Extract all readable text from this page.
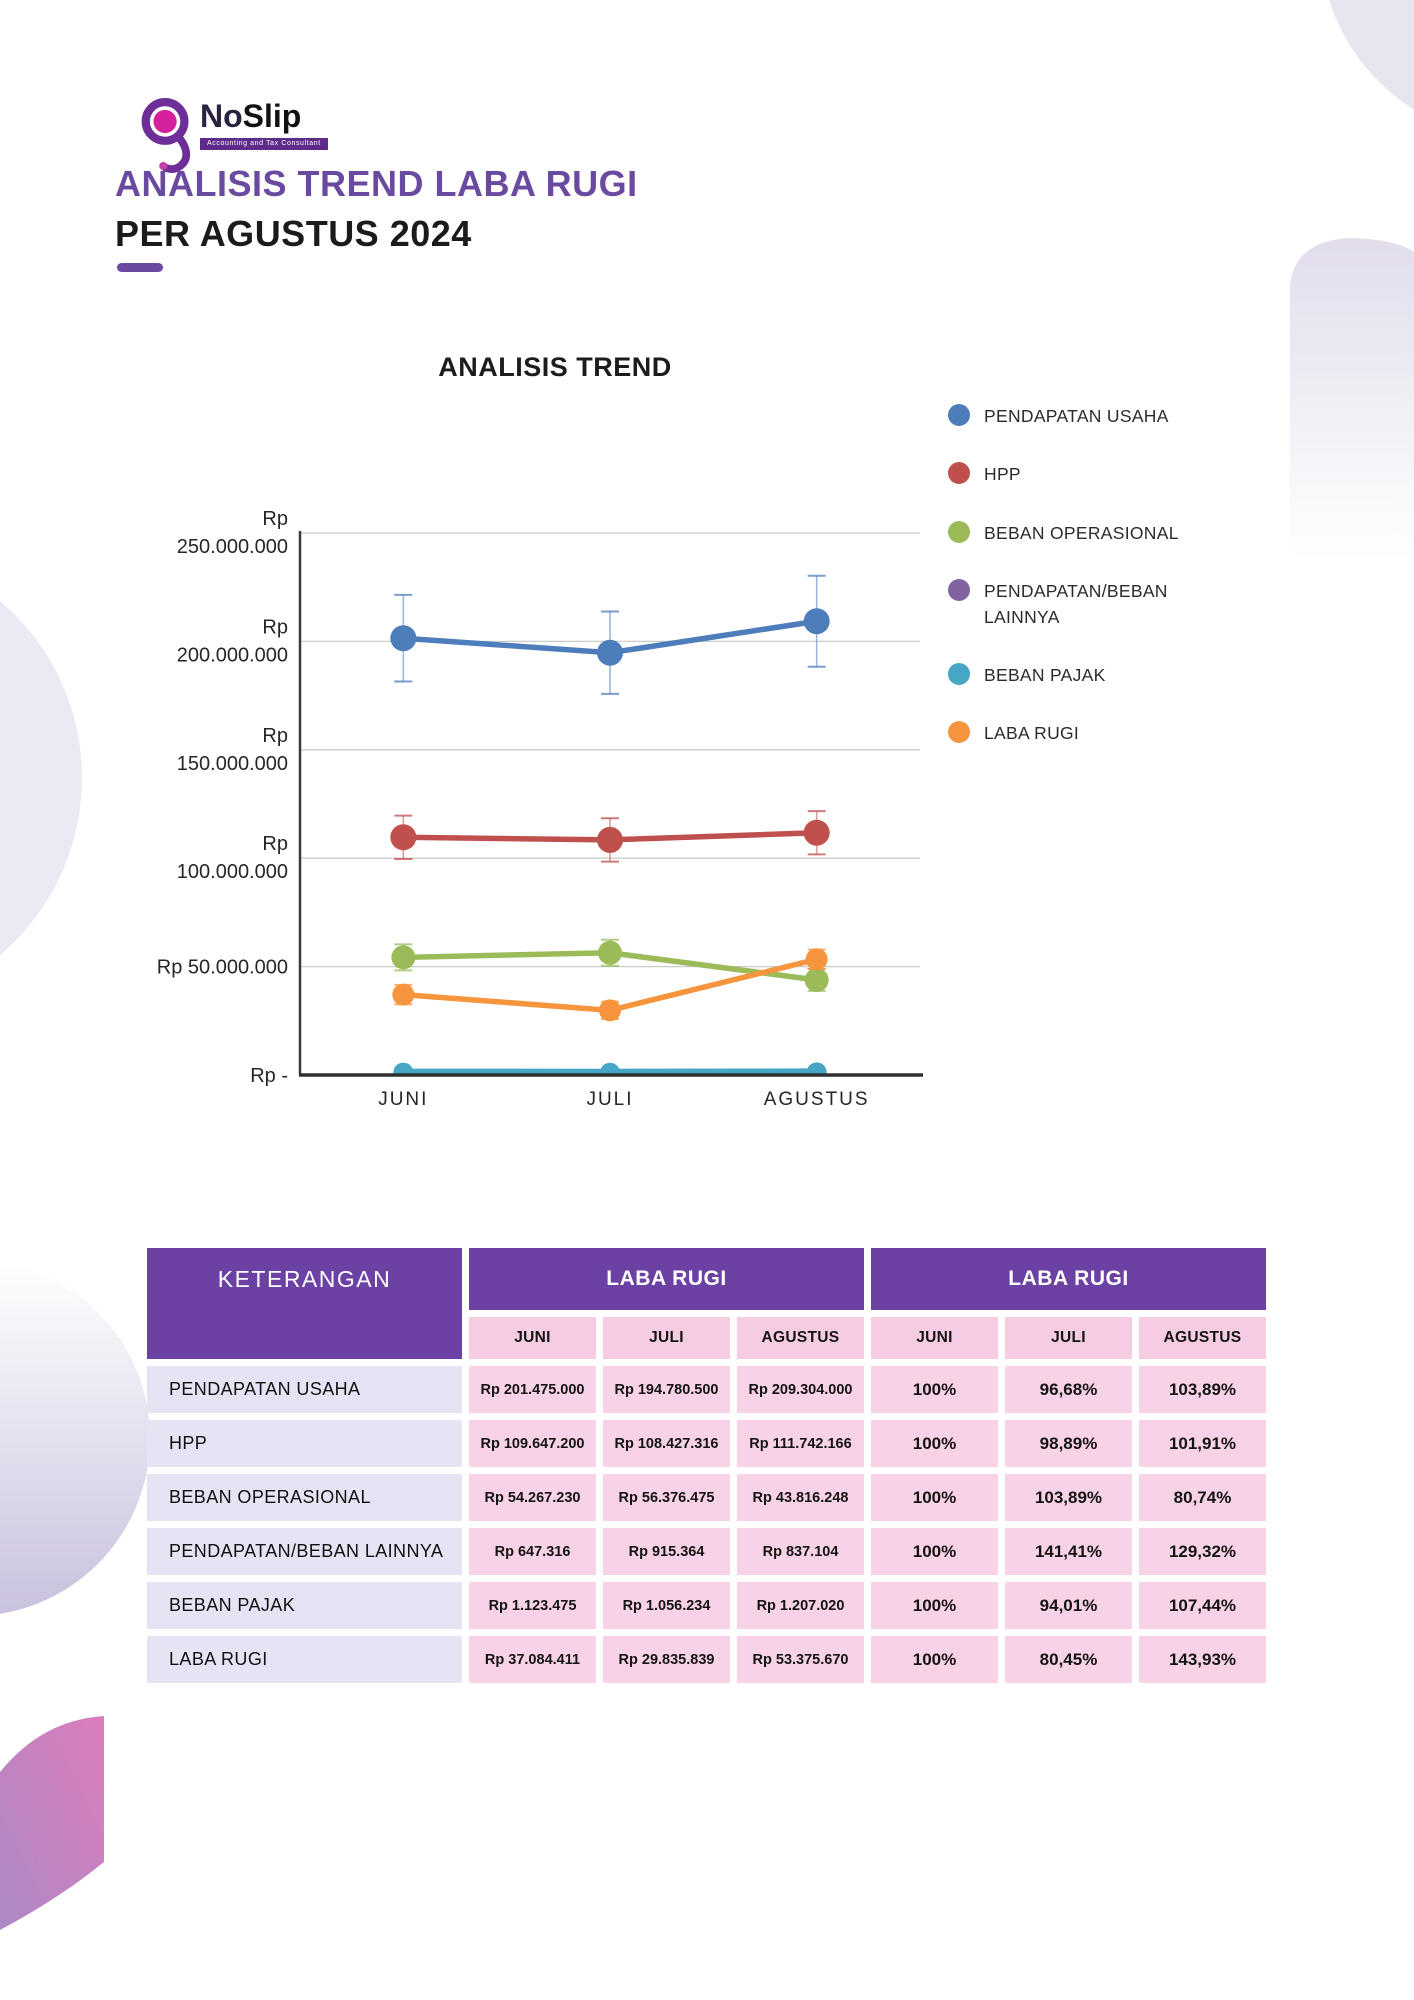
NoSlip
Accounting and Tax Consultant
ANALISIS TREND LABA RUGI
PER AGUSTUS 2024
ANALISIS TREND
Rp 250.000.000
Rp 200.000.000
Rp 150.000.000
Rp 100.000.000
Rp 50.000.000
Rp -
JUNI	JULI	AGUSTUS
PENDAPATAN USAHA
HPP
BEBAN OPERASIONAL
PENDAPATAN/BEBAN LAINNYA
BEBAN PAJAK
LABA RUGI
KETERANGAN	LABA RUGI	LABA RUGI
JUNI	JULI	AGUSTUS	JUNI	JULI	AGUSTUS
PENDAPATAN USAHA	Rp 201.475.000	Rp 194.780.500	Rp 209.304.000	100%	96,68%	103,89%
HPP	Rp 109.647.200	Rp 108.427.316	Rp 111.742.166	100%	98,89%	101,91%
BEBAN OPERASIONAL	Rp 54.267.230	Rp 56.376.475	Rp 43.816.248	100%	103,89%	80,74%
PENDAPATAN/BEBAN LAINNYA	Rp 647.316	Rp 915.364	Rp 837.104	100%	141,41%	129,32%
BEBAN PAJAK	Rp 1.123.475	Rp 1.056.234	Rp 1.207.020	100%	94,01%	107,44%
LABA RUGI	Rp 37.084.411	Rp 29.835.839	Rp 53.375.670	100%	80,45%	143,93%
